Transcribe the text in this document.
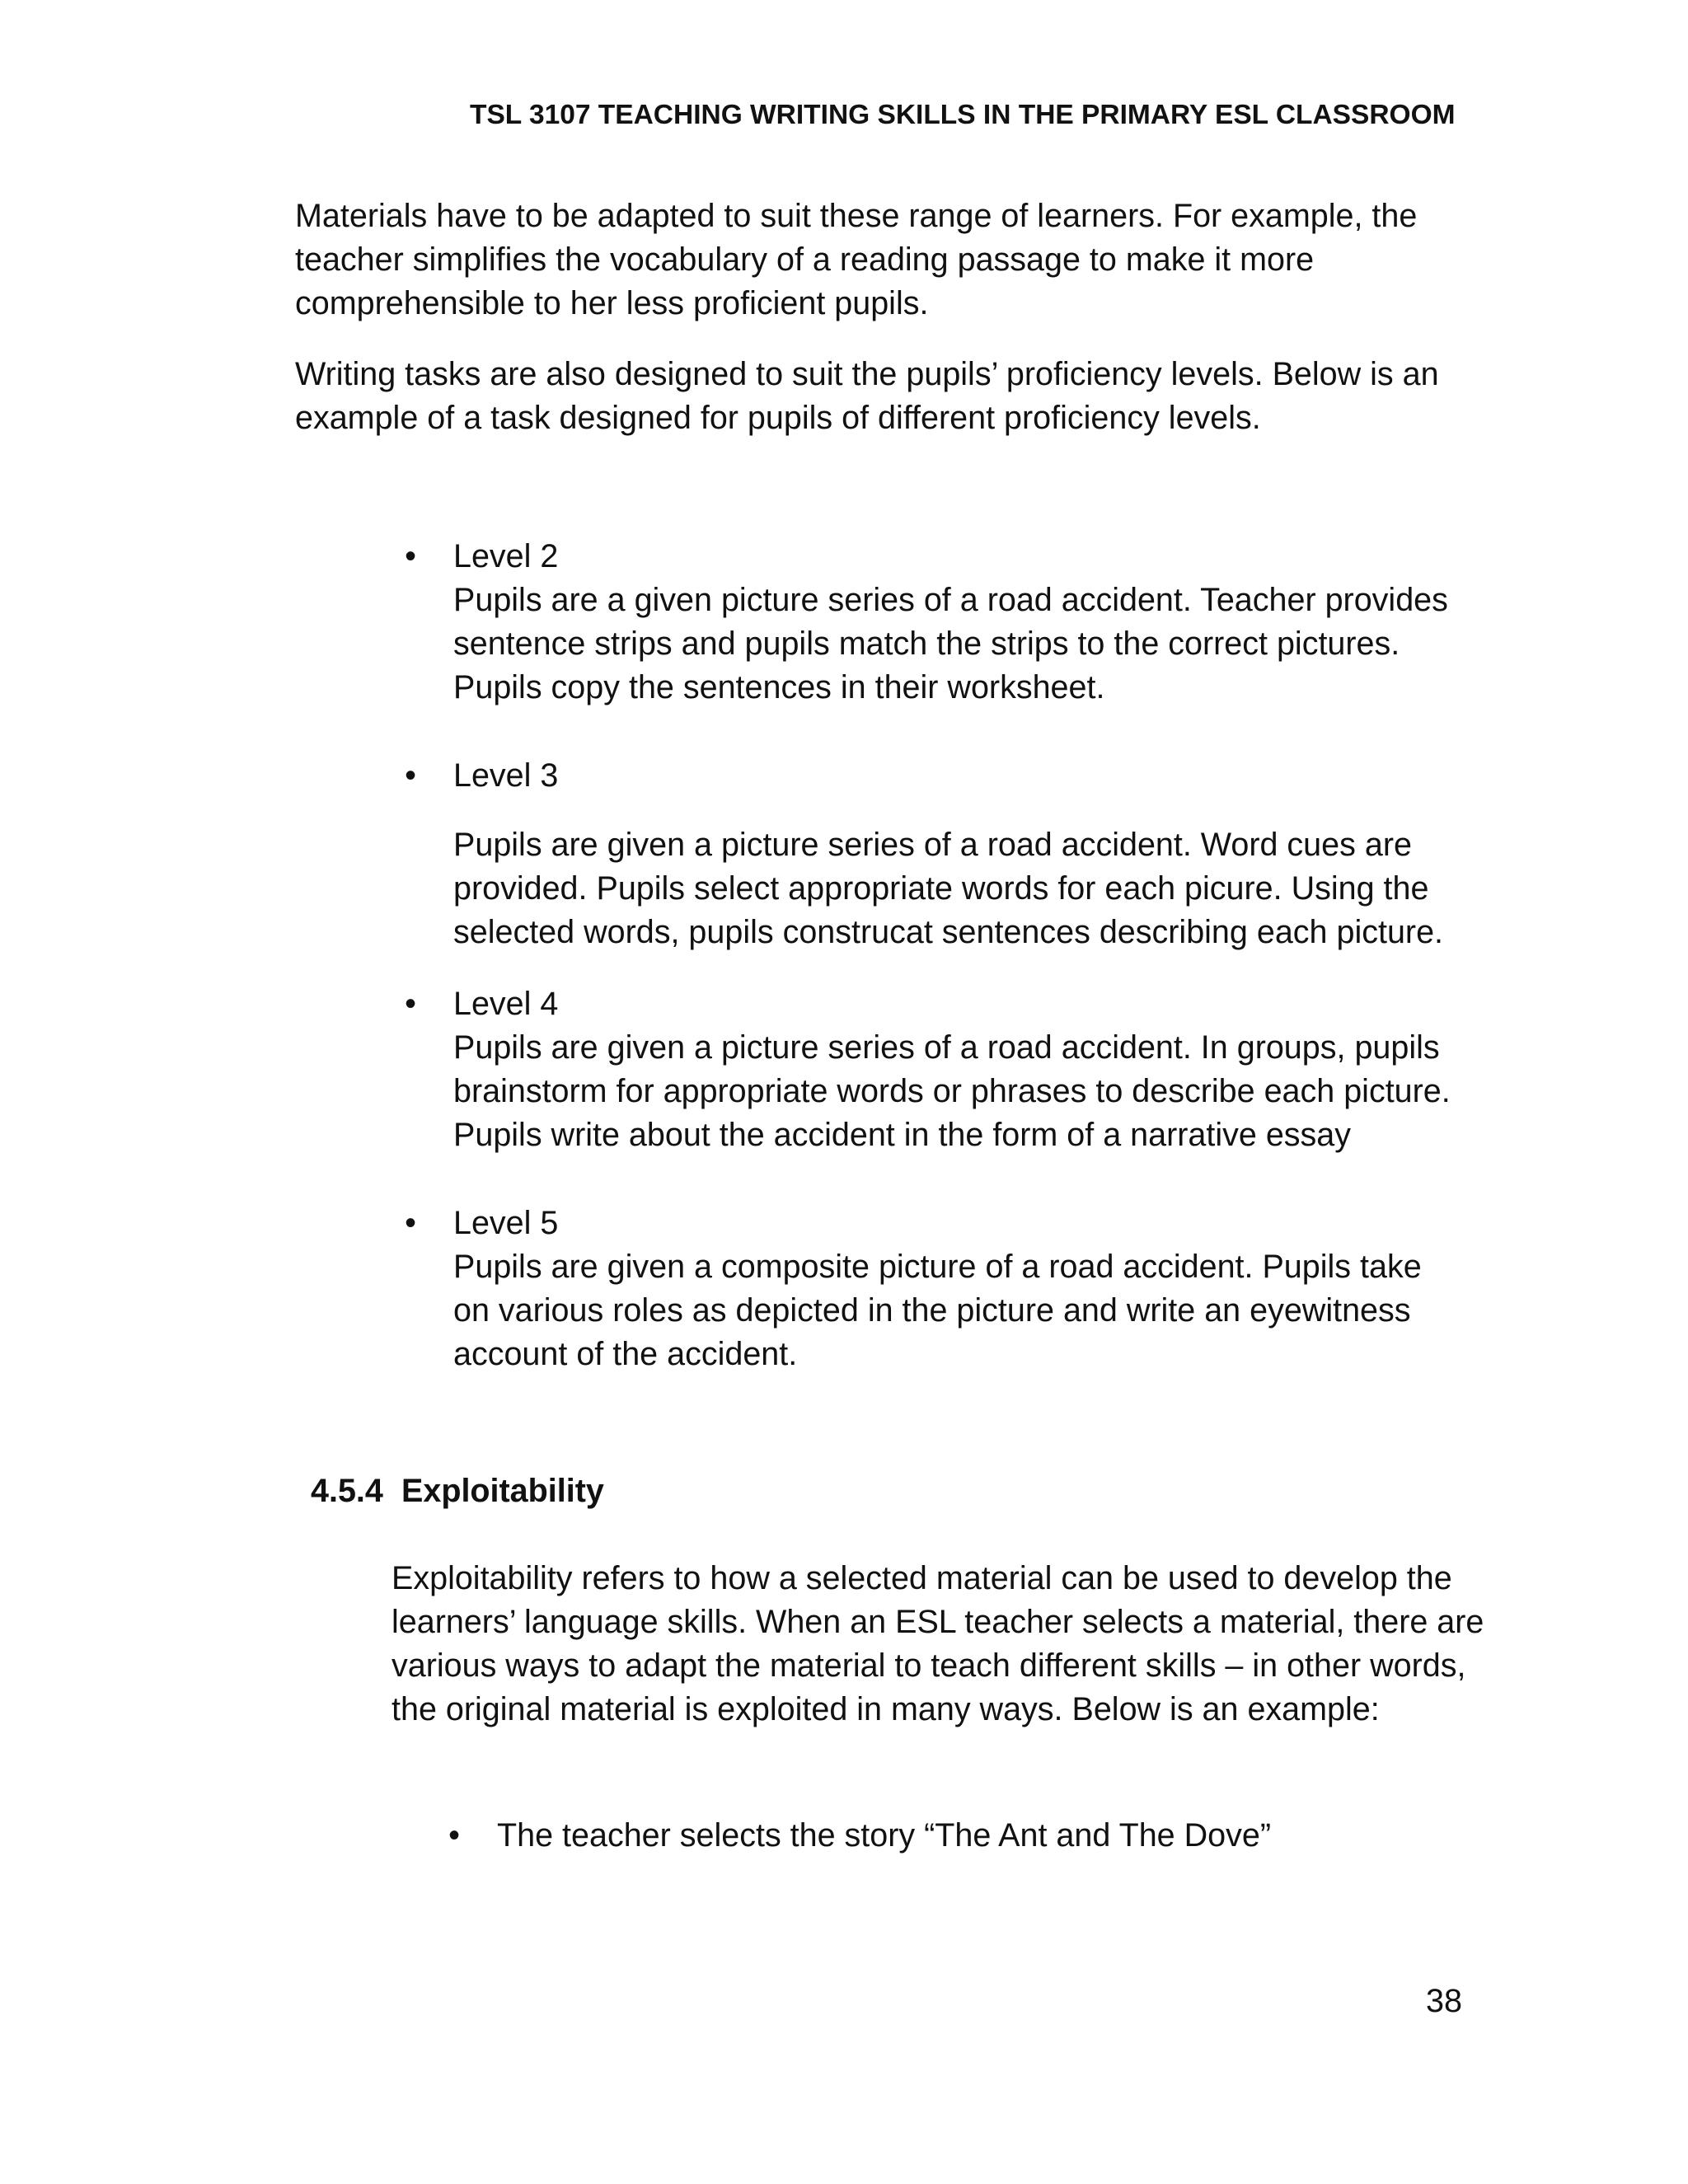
TSL 3107 TEACHING WRITING SKILLS IN THE PRIMARY ESL CLASSROOM

Materials have to be adapted to suit these range of learners. For example, the teacher simplifies the vocabulary of a reading passage to make it more comprehensible to her less proficient pupils.

Writing tasks are also designed to suit the pupils’ proficiency levels. Below is an example of a task designed for pupils of different proficiency levels.

• Level 2
Pupils are a given picture series of a road accident. Teacher provides
sentence strips and pupils match the strips to the correct pictures.
Pupils copy the sentences in their worksheet.
• Level 3
Pupils are given a picture series of a road accident. Word cues are
provided. Pupils select appropriate words for each picure. Using the
selected words, pupils construcat sentences describing each picture.
• Level 4
Pupils are given a picture series of a road accident. In groups, pupils
brainstorm for appropriate words or phrases to describe each picture.
Pupils write about the accident in the form of a narrative essay
• Level 5
Pupils are given a composite picture of a road accident. Pupils take
on various roles as depicted in the picture and write an eyewitness
account of the accident.
4.5.4 Exploitability

Exploitability refers to how a selected material can be used to develop the learners’ language skills. When an ESL teacher selects a material, there are various ways to adapt the material to teach different skills – in other words, the original material is exploited in many ways. Below is an example:

• The teacher selects the story “The Ant and The Dove”
38
